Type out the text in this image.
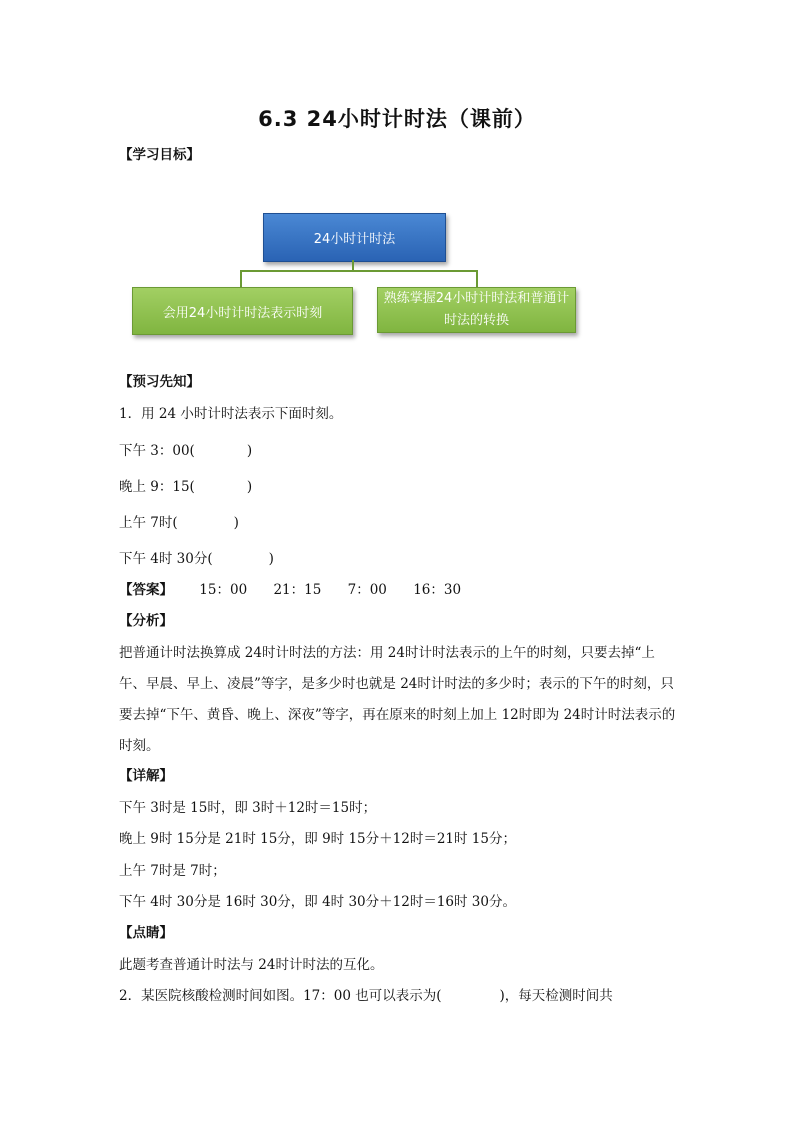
6.3 24小时计时法（课前）
【学习目标】
24小时计时法
会用24小时计时法表示时刻
熟练掌握24小时计时法和普通计时法的转换
【预习先知】
1．用 24 小时计时法表示下面时刻。
下午 3：00(	)
晚上 9：15(	)
上午 7时(	)
下午 4时 30分(	)
【答案】 15：00 21：15 7：00 16：30
【分析】
把普通计时法换算成 24时计时法的方法：用 24时计时法表示的上午的时刻，只要去掉“上午、早晨、早上、凌晨”等字，是多少时也就是 24时计时法的多少时；表示的下午的时刻，只要去掉“下午、黄昏、晚上、深夜”等字，再在原来的时刻上加上 12时即为 24时计时法表示的时刻。
【详解】
下午 3时是 15时，即 3时＋12时＝15时；
晚上 9时 15分是 21时 15分，即 9时 15分＋12时＝21时 15分；
上午 7时是 7时；
下午 4时 30分是 16时 30分，即 4时 30分＋12时＝16时 30分。
【点睛】
此题考查普通计时法与 24时计时法的互化。
2．某医院核酸检测时间如图。17：00 也可以表示为(	)，每天检测时间共
